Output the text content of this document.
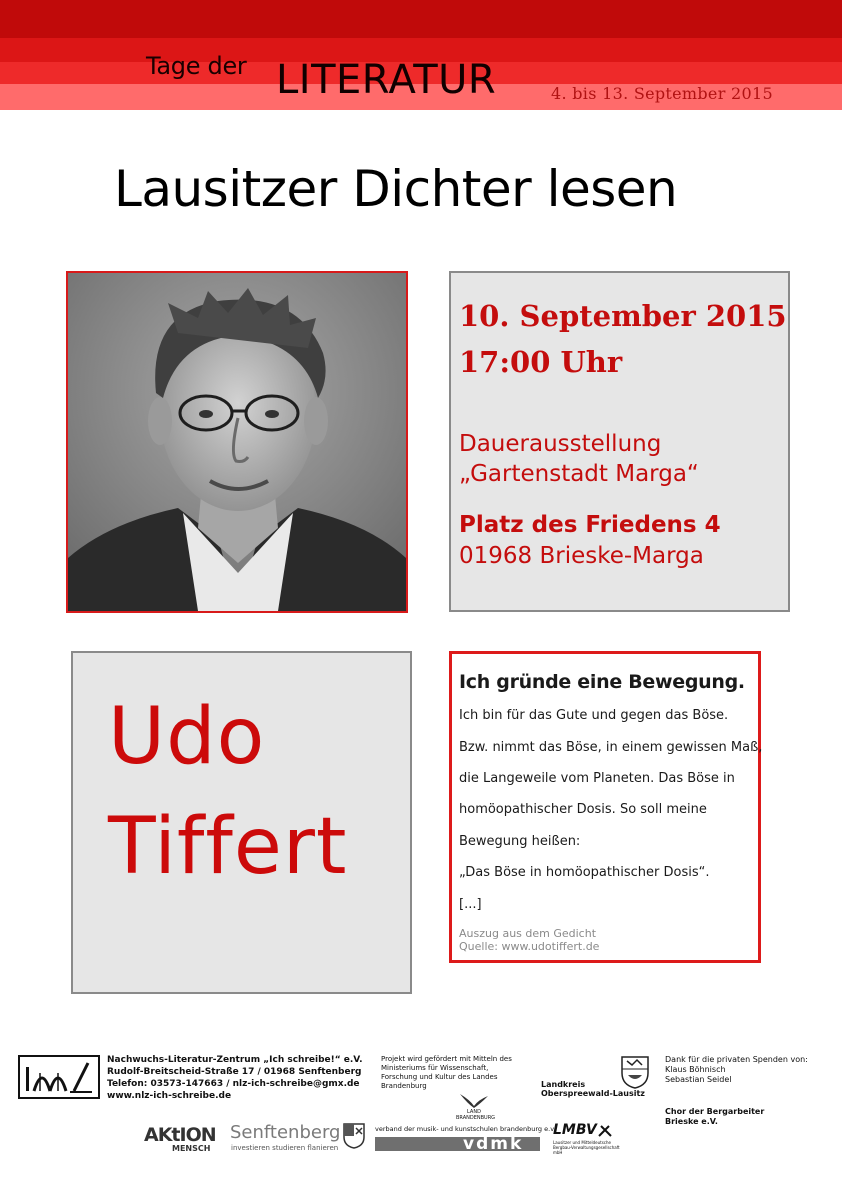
Tage der LITERATUR	4. bis 13. September 2015
Lausitzer Dichter lesen
10. September 2015
17:00 Uhr
Dauerausstellung
„Gartenstadt Marga“
Platz des Friedens 4
01968 Brieske-Marga
Udo
Tiffert
Ich gründe eine Bewegung.
Ich bin für das Gute und gegen das Böse.
Bzw. nimmt das Böse, in einem gewissen Maß,
die Langeweile vom Planeten. Das Böse in
homöopathischer Dosis. So soll meine
Bewegung heißen:
„Das Böse in homöopathischer Dosis“.
[...]
Auszug aus dem Gedicht
Quelle: www.udotiffert.de
Nachwuchs-Literatur-Zentrum „Ich schreibe!“ e.V.
Rudolf-Breitscheid-Straße 17 / 01968 Senftenberg
Telefon: 03573-147663 / nlz-ich-schreibe@gmx.de
www.nlz-ich-schreibe.de
Projekt wird gefördert mit Mitteln des
Ministeriums für Wissenschaft,
Forschung und Kultur des Landes
Brandenburg
LAND BRANDENBURG
Landkreis
Oberspreewald-Lausitz
Dank für die privaten Spenden von:
Klaus Böhnisch
Sebastian Seidel
Chor der Bergarbeiter
Brieske e.V.
AKtION
MENSCH
Senftenberg
investieren studieren flanieren
verband der musik- und kunstschulen brandenburg e.v.
vdmk
LMBV
Lausitzer und Mitteldeutsche Bergbau-Verwaltungsgesellschaft mbH
